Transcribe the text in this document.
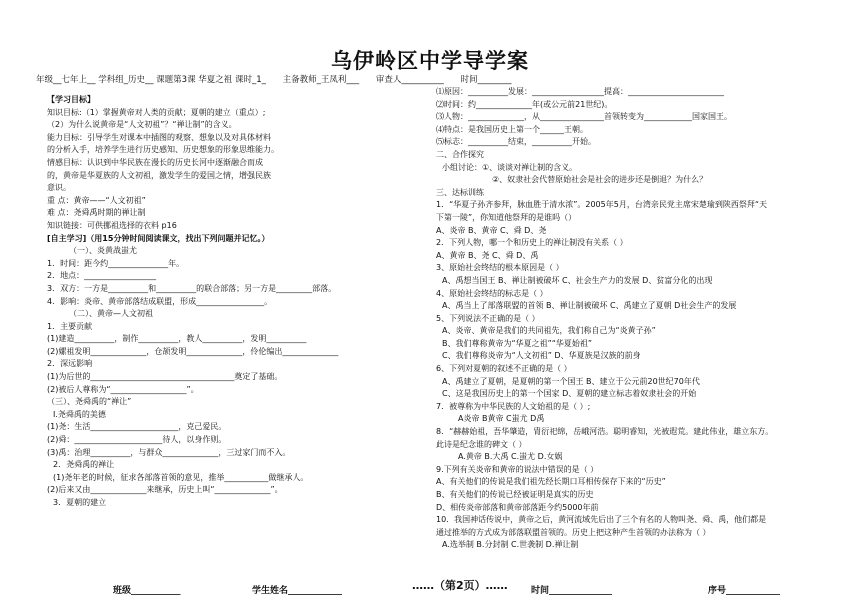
乌伊岭区中学导学案
年级__七年上__ 学科组_历史__ 课题第3课 华夏之祖 课时_1_ 主备教师_王凤利___ 审查人__________ 时间________

【学习目标】

知识目标:（1）掌握黄帝对人类的贡献；夏朝的建立（重点）;

（2）为什么说黄帝是“人文初祖”？“禅让制”的含义。

能力目标：引导学生对课本中插图的观察、想象以及对具体材料

的分析入手，培养学生进行历史感知、历史想象的形象思维能力。

情感目标：认识到中华民族在漫长的历史长河中逐渐融合而成

的，黄帝是华夏族的人文初祖，激发学生的爱国之情，增强民族

意识。

重 点：黄帝——“人文初祖”

难 点：尧舜禹时期的禅让制

知识链接：可供挪祖选择的衣料 p16

[自主学习]（用15分钟时间阅读课文，找出下列问题并记忆。）

（一）、炎黄战蚩尤

1．时间：距今约_______________年。

2．地点：__________________

3．双方：一方是__________和__________的联合部落；另一方是_________部落。

4．影响：炎帝、黄帝部落结成联盟，形成_________________。

（二）、黄帝—人文初祖

1．主要贡献

(1)建造__________，制作__________，教人__________，发明__________

(2)嫘祖发明______________，仓颉发明______________，伶伦编出______________

2．深远影响

(1)为后世的____________________________________奠定了基础。

(2)被后人尊称为“___________________”。

（三）、尧舜禹的“禅让”

I.尧舜禹的美德

(1)尧：生活______________________，克己爱民。

(2)舜：______________________待人，以身作则。

(3)禹：治理__________，与群众______________，三过家门而不入。

2．尧舜禹的禅让

(1)尧年老的时候，征求各部落首领的意见，推举___________做继承人。

(2)后来又由______________来继承，历史上叫“______________”。

3．夏朝的建立

⑴原因：__________发展：__________________提高：________________________

⑵时间：约______________年(或公元前21世纪)。

⑶人物：______________，从________________首领转变为____________国家国王。

⑷特点：是我国历史上第一个______王朝。

⑸标志：__________结束，__________开始。

二、合作探究

小组讨论：①、谈谈对禅让制的含义。

②、奴隶社会代替原始社会是社会的进步还是倒退？为什么？

三、达标训练

1．“华夏子孙齐参拜，脉血胜于清水浓”。2005年5月，台湾亲民党主席宋楚瑜到陕西祭拜“天

下第一陵”，你知道他祭拜的是谁吗（）

A、炎帝 B、黄帝 C、舜 D、尧

2．下列人物，哪一个和历史上的禅让制没有关系（ ）

A、黄帝 B、尧 C、舜 D、禹

3、原始社会终结的根本原因是（ ）

A、禹想当国王 B、禅让制被破坏 C、社会生产力的发展 D、贫富分化的出现

4、原始社会终结的标志是（ ）

A、禹当上了部落联盟的首领 B、禅让制被破坏 C、禹建立了夏朝 D社会生产的发展

5、下列说法不正确的是（ ）

A、炎帝、黄帝是我们的共同祖先，我们称自己为“炎黄子孙”

B、我们尊称黄帝为“华夏之祖”“华夏始祖”

C、我们尊称炎帝为“人文初祖” D、华夏族是汉族的前身

6、下列对夏朝的叙述不正确的是（ ）

A、禹建立了夏朝，是夏朝的第一个国王 B、建立于公元前20世纪70年代

C、这是我国历史上的第一个国家 D、夏朝的建立标志着奴隶社会的开始

7．被尊称为中华民族的人文始祖的是（ ）;

A炎帝 B黄帝 C蚩尤 D禹

8．“赫赫始祖，吾华肇造，胄衍祀绵，岳峨河浩。聪明睿知，光被遐荒。建此伟业，雄立东方。

此诗是纪念谁的碑文（ ）

A.黄帝 B.大禹 C.蚩尤 D.女娲

9.下列有关炎帝和黄帝的说法中错误的是（ ）

A、有关他们的传说是我们祖先经长期口耳相传保存下来的“历史”

B、有关他们的传说已经被证明是真实的历史

D、相传炎帝部落和黄帝部落距今约5000年前

10．我国神话传说中，黄帝之后，黄河流域先后出了三个有名的人物叫尧、舜、禹，他们都是

通过推举的方式成为部落联盟首领的。历史上把这种产生首领的办法称为（ ）

A.选举制 B.分封制 C.世袭制 D.禅让制

班级___________	学生姓名____________	……（第2页）……	时间______________	序号____________
